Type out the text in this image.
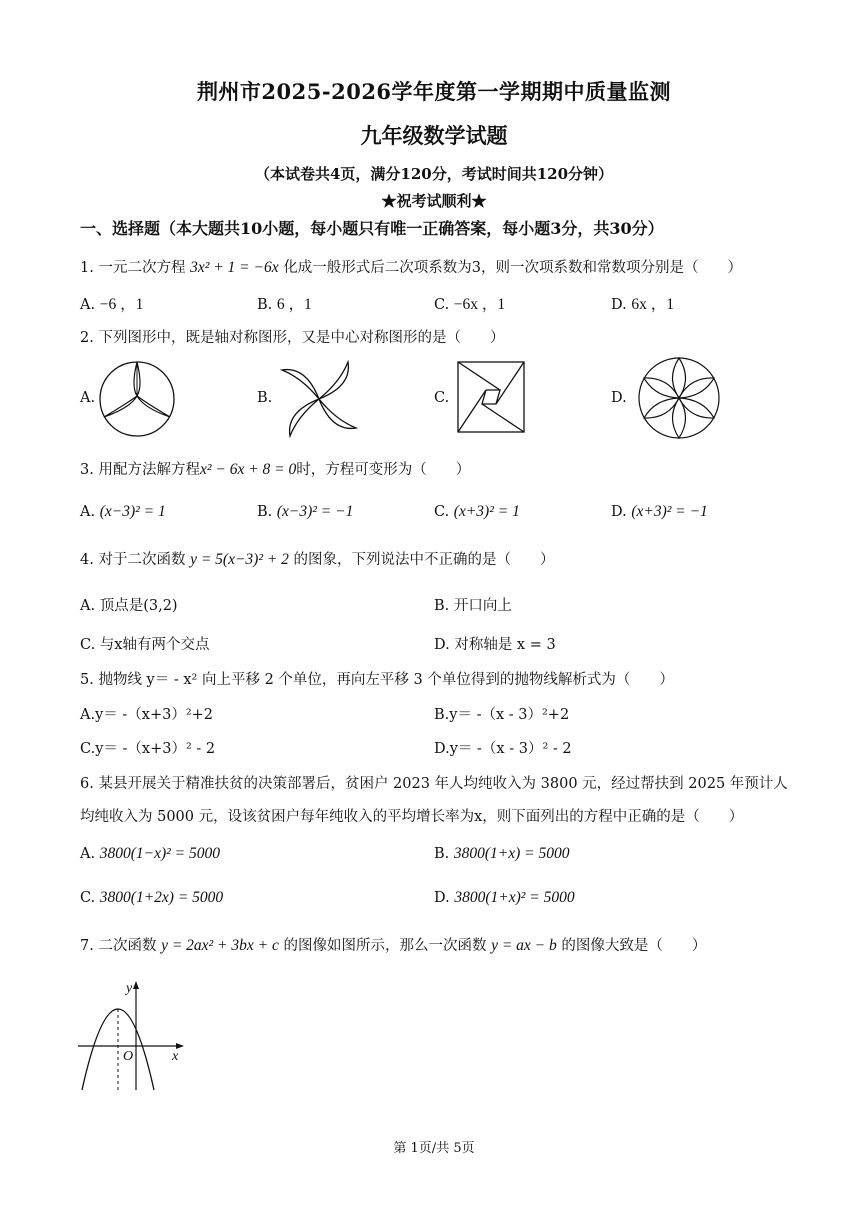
荆州市2025-2026学年度第一学期期中质量监测
九年级数学试题
（本试卷共4页，满分120分，考试时间共120分钟）
★祝考试顺利★
一、选择题（本大题共10小题，每小题只有唯一正确答案，每小题3分，共30分）
1. 一元二次方程 3x² + 1 = −6x 化成一般形式后二次项系数为3，则一次项系数和常数项分别是（　　）
A. −6 ，1	B. 6 ，1	C. −6x ，1	D. 6x ，1
2. 下列图形中，既是轴对称图形，又是中心对称图形的是（　　）
A.	B.	C.	D.
3. 用配方法解方程x² − 6x + 8 = 0时，方程可变形为（　　）
A. (x−3)² = 1	B. (x−3)² = −1	C. (x+3)² = 1	D. (x+3)² = −1
4. 对于二次函数 y = 5(x−3)² + 2 的图象，下列说法中不正确的是（　　）
A. 顶点是(3,2)	B. 开口向上
C. 与x轴有两个交点	D. 对称轴是 x = 3
5. 抛物线 y＝ - x² 向上平移 2 个单位，再向左平移 3 个单位得到的抛物线解析式为（　　）
A.y＝ -（x+3）²+2	B.y＝ -（x - 3）²+2
C.y＝ -（x+3）² - 2	D.y＝ -（x - 3）² - 2
6. 某县开展关于精准扶贫的决策部署后，贫困户 2023 年人均纯收入为 3800 元，经过帮扶到 2025 年预计人
均纯收入为 5000 元，设该贫困户每年纯收入的平均增长率为x，则下面列出的方程中正确的是（　　）
A. 3800(1−x)² = 5000	B. 3800(1+x) = 5000
C. 3800(1+2x) = 5000	D. 3800(1+x)² = 5000
7. 二次函数 y = 2ax² + 3bx + c 的图像如图所示，那么一次函数 y = ax − b 的图像大致是（　　）
y
x
O
第 1页/共 5页
